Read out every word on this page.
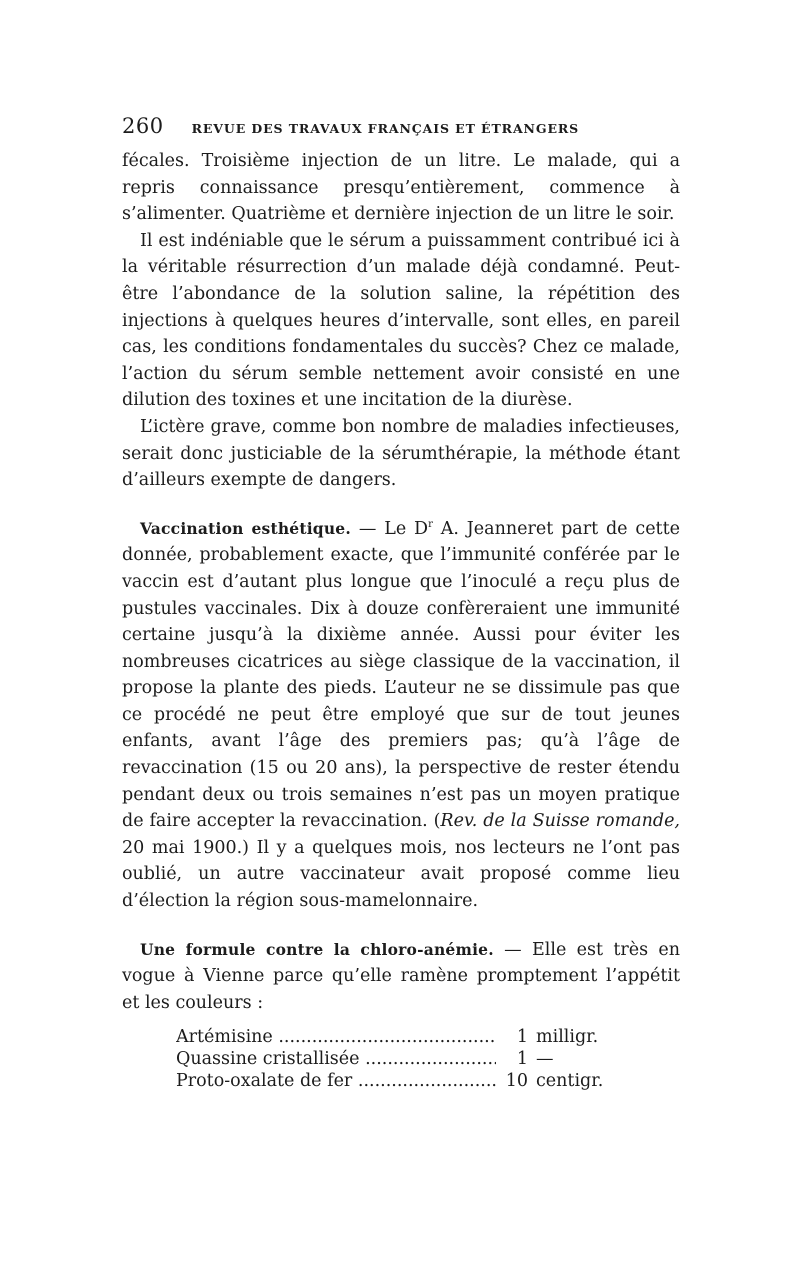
260 REVUE DES TRAVAUX FRANÇAIS ET ÉTRANGERS

fécales. Troisième injection de un litre. Le malade, qui a repris connaissance presqu’entièrement, commence à s’alimenter. Quatrième et dernière injection de un litre le soir.

Il est indéniable que le sérum a puissamment contribué ici à la véritable résurrection d’un malade déjà condamné. Peut-être l’abondance de la solution saline, la répétition des injections à quelques heures d’intervalle, sont elles, en pareil cas, les conditions fondamentales du succès? Chez ce malade, l’action du sérum semble nettement avoir consisté en une dilution des toxines et une incitation de la diurèse.

L’ictère grave, comme bon nombre de maladies infectieuses, serait donc justiciable de la sérumthérapie, la méthode étant d’ailleurs exempte de dangers.

Vaccination esthétique. — Le $D^r$ A. Jeanneret part de cette donnée, probablement exacte, que l’immunité conférée par le vaccin est d’autant plus longue que l’inoculé a reçu plus de pustules vaccinales. Dix à douze confèreraient une immunité certaine jusqu’à la dixième année. Aussi pour éviter les nombreuses cicatrices au siège classique de la vaccination, il propose la plante des pieds. L’auteur ne se dissimule pas que ce procédé ne peut être employé que sur de tout jeunes enfants, avant l’âge des premiers pas; qu’à l’âge de revaccination (15 ou 20 ans), la perspective de rester étendu pendant deux ou trois semaines n’est pas un moyen pratique de faire accepter la revaccination. (Rev. de la Suisse romande, 20 mai 1900.) Il y a quelques mois, nos lecteurs ne l’ont pas oublié, un autre vaccinateur avait proposé comme lieu d’élection la région sous-mamelonnaire.

Une formule contre la chloro-anémie. — Elle est très en vogue à Vienne parce qu’elle ramène promptement l’appétit et les couleurs :

Artémisine .....	1 milligr.
Quassine cristallisée .....	1 —
Proto-oxalate de fer .....	10 centigr.
